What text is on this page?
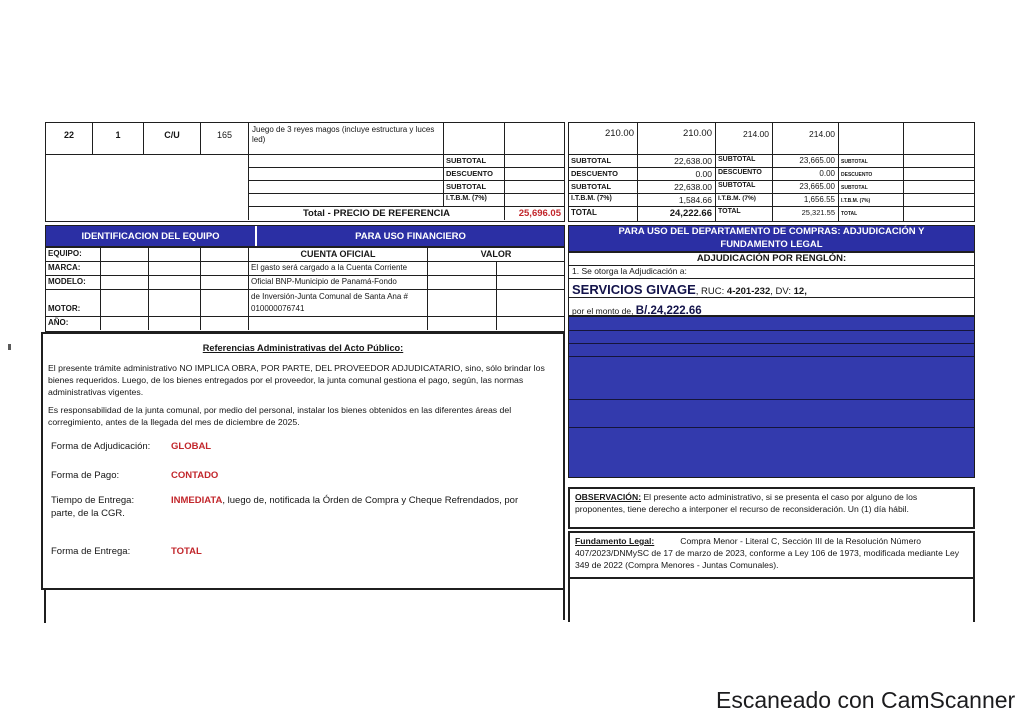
22	1	C/U	165
Juego de 3 reyes magos (incluye estructura y luces led)
SUBTOTAL
DESCUENTO
SUBTOTAL
I.T.B.M. (7%)
Total - PRECIO DE REFERENCIA	25,696.05
IDENTIFICACION DEL EQUIPO	PARA USO FINANCIERO
EQUIPO:	CUENTA OFICIAL	VALOR
MARCA:	El gasto será cargado a la Cuenta Corriente
MODELO:	Oficial BNP-Municipio de Panamá-Fondo
MOTOR:
de Inversión-Junta Comunal de Santa Ana #
010000076741
AÑO:
Referencias Administrativas del Acto Público:
El presente trámite administrativo NO IMPLICA OBRA, POR PARTE, DEL PROVEEDOR ADJUDICATARIO, sino, sólo brindar los bienes requeridos. Luego, de los bienes entregados por el proveedor, la junta comunal gestiona el pago, según, las normas administrativas vigentes.
Es responsabilidad de la junta comunal, por medio del personal, instalar los bienes obtenidos en las diferentes áreas del corregimiento, antes de la llegada del mes de diciembre de 2025.
Forma de Adjudicación: GLOBAL
Forma de Pago:	CONTADO
Tiempo de Entrega:	INMEDIATA, luego de, notificada la Órden de Compra y Cheque Refrendados, por
parte, de la CGR.
Forma de Entrega:	TOTAL
210.00	210.00	214.00	214.00
SUBTOTAL	22,638.00 SUBTOTAL	23,665.00	SUBTOTAL
DESCUENTO	0.00 DESCUENTO	0.00	DESCUENTO
SUBTOTAL	22,638.00 SUBTOTAL	23,665.00	SUBTOTAL
I.T.B.M. (7%)	1,584.66 I.T.B.M. (7%)	1,656.55	I.T.B.M. (7%)
TOTAL	24,222.66 TOTAL	25,321.55	TOTAL
PARA USO DEL DEPARTAMENTO DE COMPRAS: ADJUDICACIÓN Y
FUNDAMENTO LEGAL
ADJUDICACIÓN POR RENGLÓN:
1. Se otorga la Adjudicación a:
SERVICIOS GIVAGE, RUC: 4-201-232, DV: 12,
por el monto de, B/.24,222.66
OBSERVACIÓN: El presente acto administrativo, si se presenta el caso por alguno de los proponentes, tiene derecho a interponer el recurso de reconsideración. Un (1) día hábil.
Fundamento Legal:	Compra Menor - Literal C, Sección III de la Resolución Número 407/2023/DNMySC de 17 de marzo de 2023, conforme a Ley 106 de 1973, modificada mediante Ley 349 de 2022 (Compra Menores - Juntas Comunales).
Escaneado con CamScanner
